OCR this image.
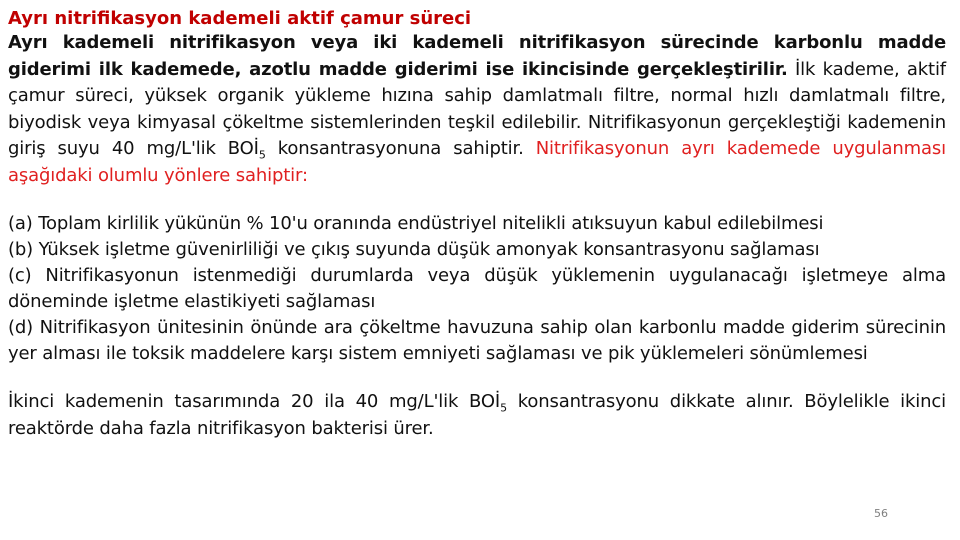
Ayrı nitrifikasyon kademeli aktif çamur süreci

Ayrı kademeli nitrifikasyon veya iki kademeli nitrifikasyon sürecinde karbonlu madde giderimi ilk kademede, azotlu madde giderimi ise ikincisinde gerçekleştirilir. İlk kademe, aktif çamur süreci, yüksek organik yükleme hızına sahip damlatmalı filtre, normal hızlı damlatmalı filtre, biyodisk veya kimyasal çökeltme sistemlerinden teşkil edilebilir. Nitrifikasyonun gerçekleştiği kademenin giriş suyu 40 mg/L'lik $BOİ_5$ konsantrasyonuna sahiptir. Nitrifikasyonun ayrı kademede uygulanması aşağıdaki olumlu yönlere sahiptir:

(a) Toplam kirlilik yükünün % 10'u oranında endüstriyel nitelikli atıksuyun kabul edilebilmesi

(b) Yüksek işletme güvenirliliği ve çıkış suyunda düşük amonyak konsantrasyonu sağlaması

(c) Nitrifikasyonun istenmediği durumlarda veya düşük yüklemenin uygulanacağı işletmeye alma döneminde işletme elastikiyeti sağlaması

(d) Nitrifikasyon ünitesinin önünde ara çökeltme havuzuna sahip olan karbonlu madde giderim sürecinin yer alması ile toksik maddelere karşı sistem emniyeti sağlaması ve pik yüklemeleri sönümlemesi

İkinci kademenin tasarımında 20 ila 40 mg/L'lik $BOİ_5$ konsantrasyonu dikkate alınır. Böylelikle ikinci reaktörde daha fazla nitrifikasyon bakterisi ürer.

56
